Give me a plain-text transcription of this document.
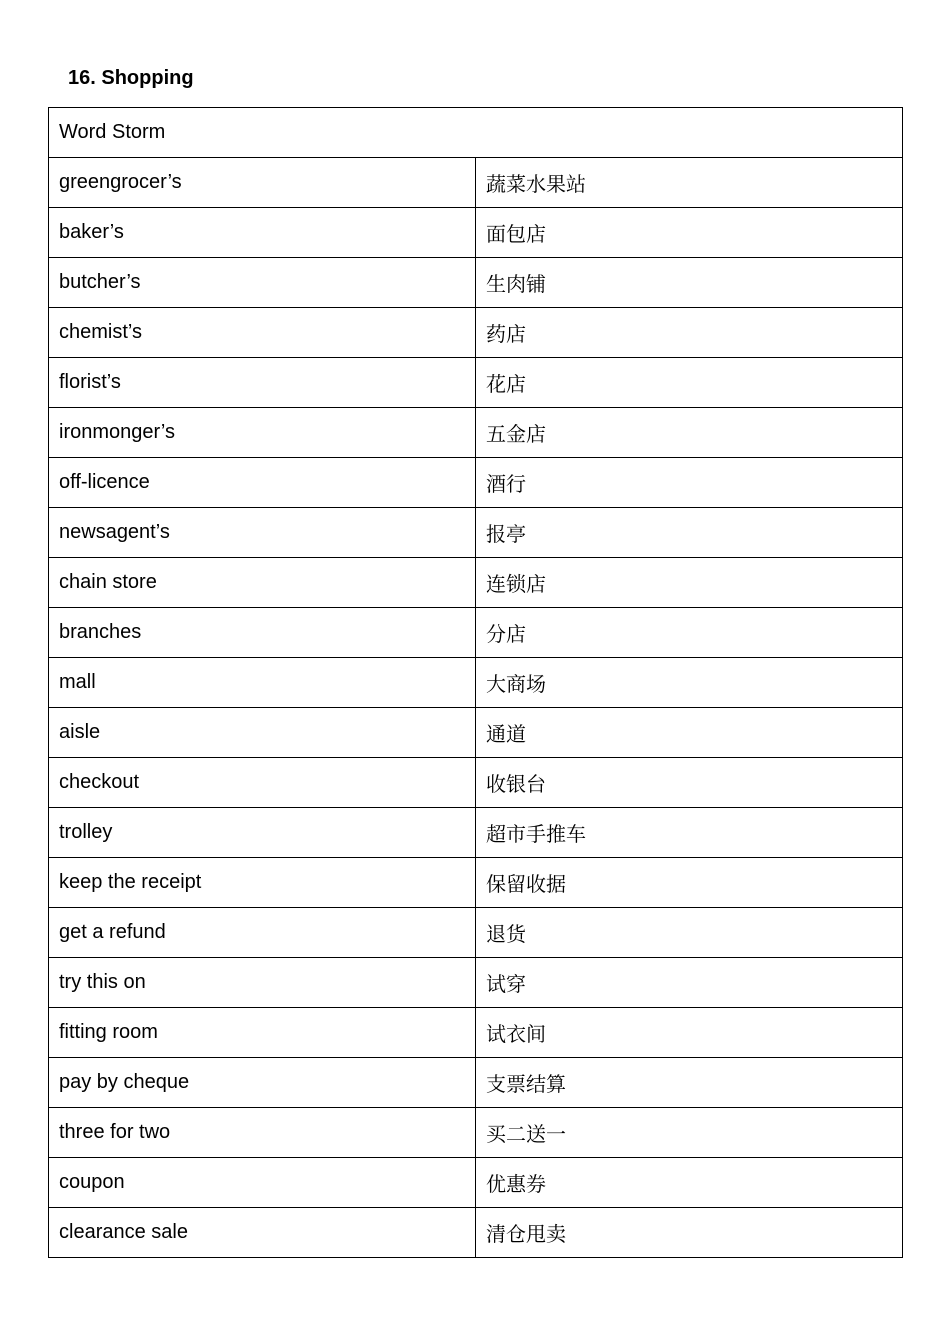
16. Shopping
Word Storm	
greengrocer’s	蔬菜水果站
baker’s	面包店
butcher’s	生肉铺
chemist’s	药店
florist’s	花店
ironmonger’s	五金店
off-licence	酒行
newsagent’s	报亭
chain store	连锁店
branches	分店
mall	大商场
aisle	通道
checkout	收银台
trolley	超市手推车
keep the receipt	保留收据
get a refund	退货
try this on	试穿
fitting room	试衣间
pay by cheque	支票结算
three for two	买二送一
coupon	优惠券
clearance sale	清仓甩卖
